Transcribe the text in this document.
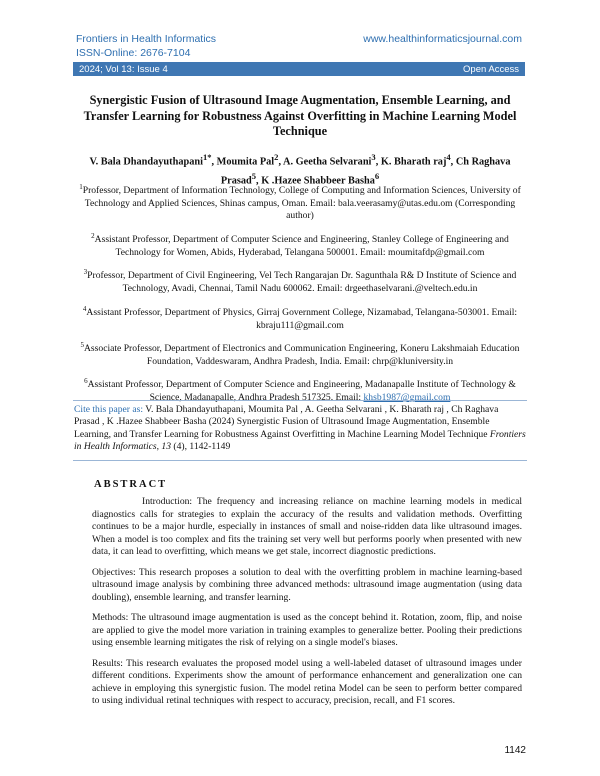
Frontiers in Health Informatics	www.healthinformaticsjournal.com
ISSN-Online: 2676-7104
2024; Vol 13: Issue 4	Open Access
Synergistic Fusion of Ultrasound Image Augmentation, Ensemble Learning, and Transfer Learning for Robustness Against Overfitting in Machine Learning Model Technique
V. Bala Dhandayuthapani$^{1*}$, Moumita Pal$^2$, A. Geetha Selvarani$^3$, K. Bharath raj$^4$, Ch Raghava Prasad$^5$, K .Hazee Shabbeer Basha$^6$
$^1$Professor, Department of Information Technology, College of Computing and Information Sciences, University of Technology and Applied Sciences, Shinas campus, Oman. Email: bala.veerasamy@utas.edu.om (Corresponding author)
$^2$Assistant Professor, Department of Computer Science and Engineering, Stanley College of Engineering and Technology for Women, Abids, Hyderabad, Telangana 500001. Email: moumitafdp@gmail.com
$^3$Professor, Department of Civil Engineering, Vel Tech Rangarajan Dr. Sagunthala R& D Institute of Science and Technology, Avadi, Chennai, Tamil Nadu 600062. Email: drgeethaselvarani.@veltech.edu.in
$^4$Assistant Professor, Department of Physics, Girraj Government College, Nizamabad, Telangana-503001. Email: kbraju111@gmail.com
$^5$Associate Professor, Department of Electronics and Communication Engineering, Koneru Lakshmaiah Education Foundation, Vaddeswaram, Andhra Pradesh, India. Email: chrp@kluniversity.in
$^6$Assistant Professor, Department of Computer Science and Engineering, Madanapalle Institute of Technology & Science, Madanapalle, Andhra Pradesh 517325. Email: khsb1987@gmail.com
Cite this paper as: V. Bala Dhandayuthapani, Moumita Pal , A. Geetha Selvarani , K. Bharath raj , Ch Raghava Prasad , K .Hazee Shabbeer Basha (2024) Synergistic Fusion of Ultrasound Image Augmentation, Ensemble Learning, and Transfer Learning for Robustness Against Overfitting in Machine Learning Model Technique Frontiers in Health Informatics, 13 (4), 1142-1149
ABSTRACT

Introduction: The frequency and increasing reliance on machine learning models in medical diagnostics calls for strategies to explain the accuracy of the results and validation methods. Overfitting continues to be a major hurdle, especially in instances of small and noise-ridden data like ultrasound images. When a model is too complex and fits the training set very well but performs poorly when presented with new data, it can lead to overfitting, which means we get stale, incorrect diagnostic predictions.

Objectives: This research proposes a solution to deal with the overfitting problem in machine learning-based ultrasound image analysis by combining three advanced methods: ultrasound image augmentation (using data doubling), ensemble learning, and transfer learning.

Methods: The ultrasound image augmentation is used as the concept behind it. Rotation, zoom, flip, and noise are applied to give the model more variation in training examples to generalize better. Pooling their predictions using ensemble learning mitigates the risk of relying on a single model's biases.

Results: This research evaluates the proposed model using a well-labeled dataset of ultrasound images under different conditions. Experiments show the amount of performance enhancement and generalization one can achieve in employing this synergistic fusion. The model retina Model can be seen to perform better compared to using individual retinal techniques with respect to accuracy, precision, recall, and F1 scores.

1142
